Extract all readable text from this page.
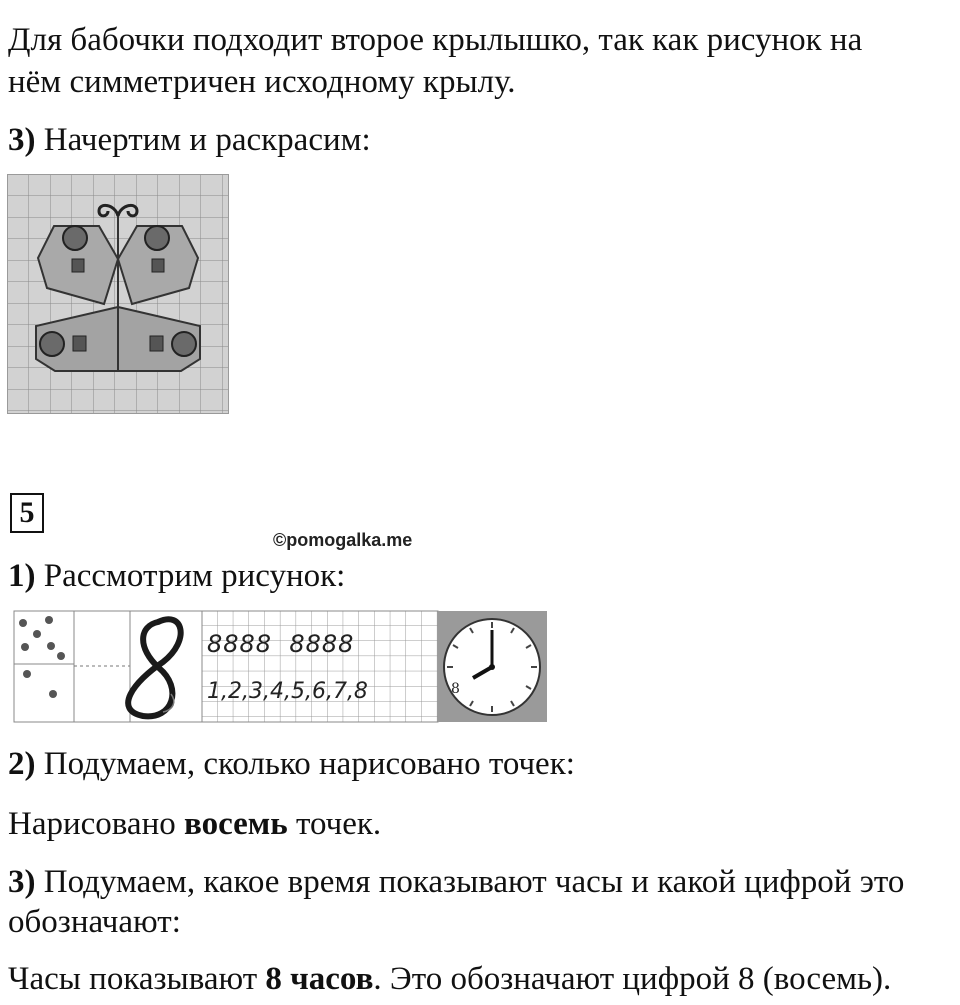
Для бабочки подходит второе крылышко, так как рисунок на
нём симметричен исходному крылу.
3) Начертим и раскрасим:
5
©pomogalka.me
1) Рассмотрим рисунок:
8888  8888
1,2,3,4,5,6,7,8	8
2) Подумаем, сколько нарисовано точек:
Нарисовано восемь точек.
3) Подумаем, какое время показывают часы и какой цифрой это
обозначают:
Часы показывают 8 часов. Это обозначают цифрой 8 (восемь).
